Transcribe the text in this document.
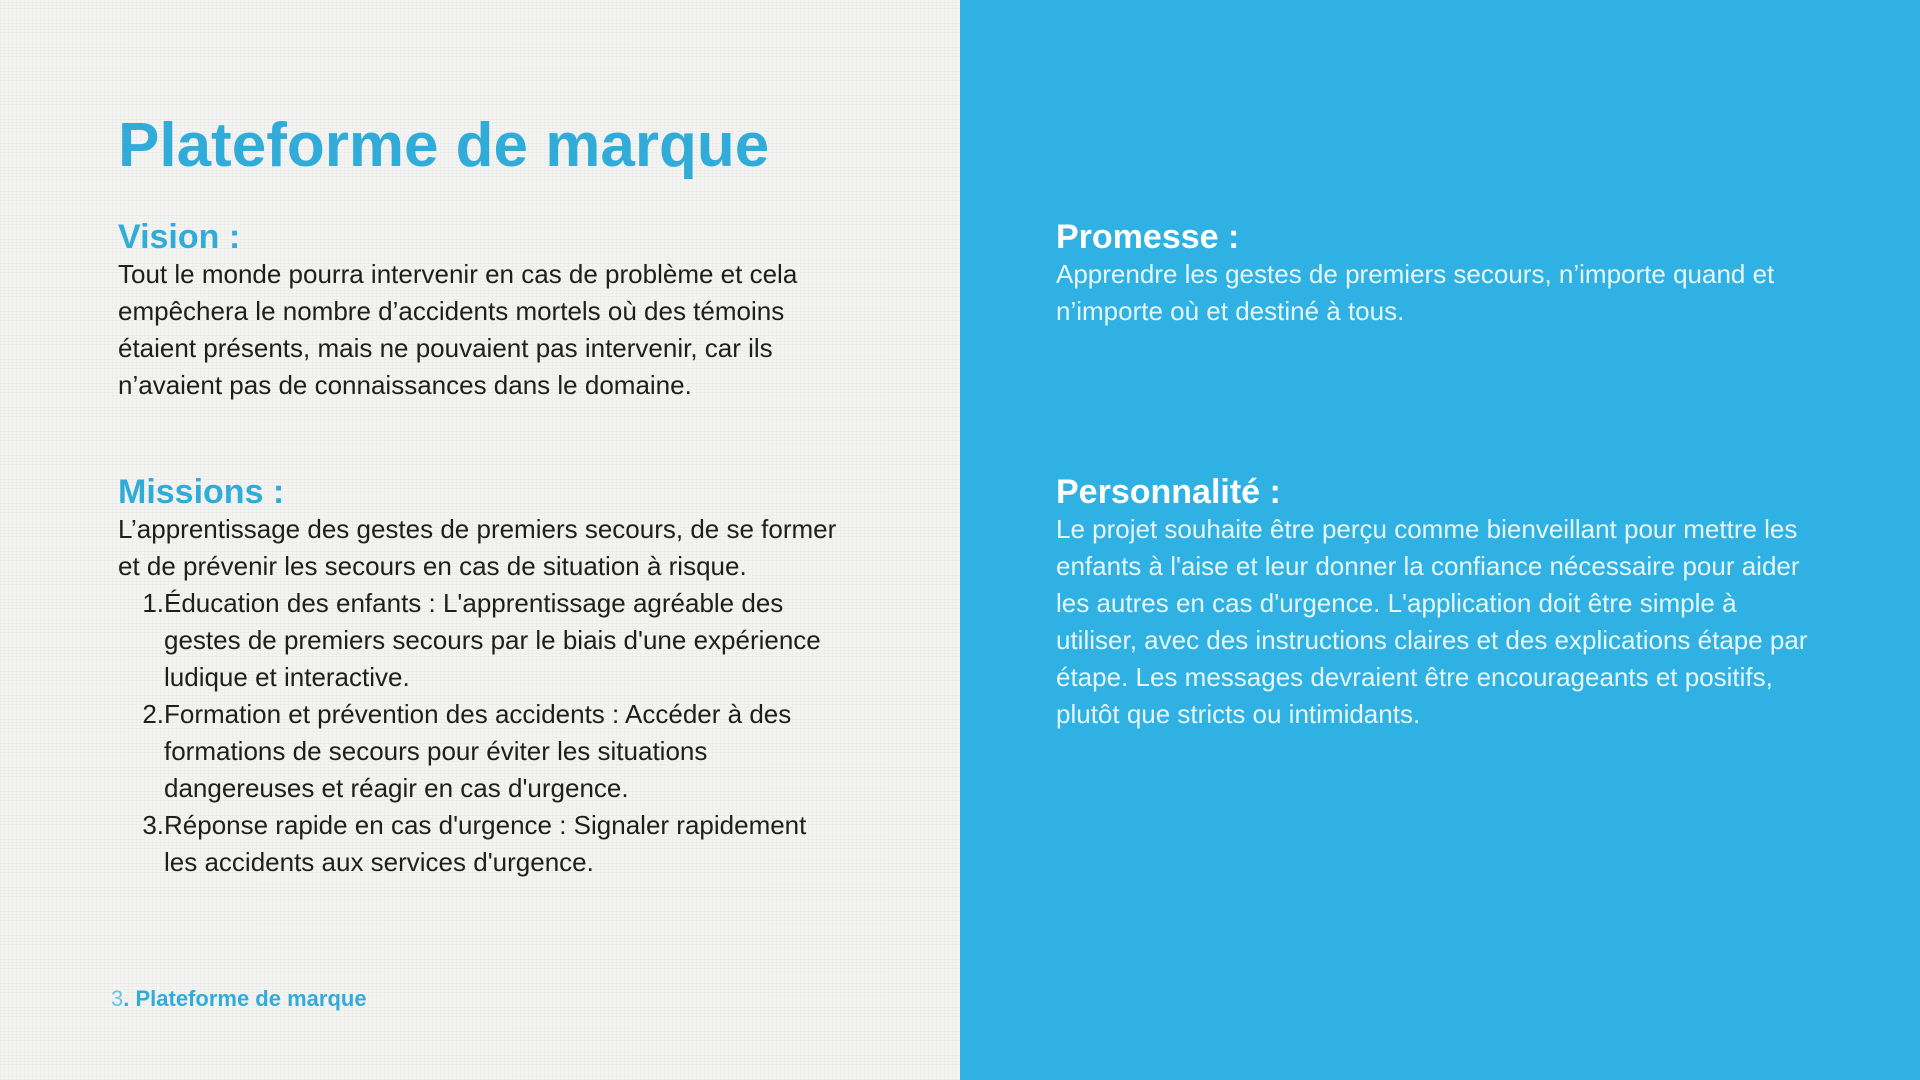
Plateforme de marque
Vision :

Tout le monde pourra intervenir en cas de problème et cela empêchera le nombre d’accidents mortels où des témoins étaient présents, mais ne pouvaient pas intervenir, car ils n’avaient pas de connaissances dans le domaine.

Missions :

L’apprentissage des gestes de premiers secours, de se former et de prévenir les secours en cas de situation à risque.

1. Éducation des enfants : L'apprentissage agréable des gestes de premiers secours par le biais d'une expérience ludique et interactive.
2. Formation et prévention des accidents : Accéder à des formations de secours pour éviter les situations dangereuses et réagir en cas d'urgence.
3. Réponse rapide en cas d'urgence : Signaler rapidement les accidents aux services d'urgence.
3. Plateforme de marque
Promesse :

Apprendre les gestes de premiers secours, n’importe quand et n’importe où et destiné à tous.

Personnalité :

Le projet souhaite être perçu comme bienveillant pour mettre les enfants à l'aise et leur donner la confiance nécessaire pour aider les autres en cas d'urgence. L'application doit être simple à utiliser, avec des instructions claires et des explications étape par étape. Les messages devraient être encourageants et positifs, plutôt que stricts ou intimidants.
